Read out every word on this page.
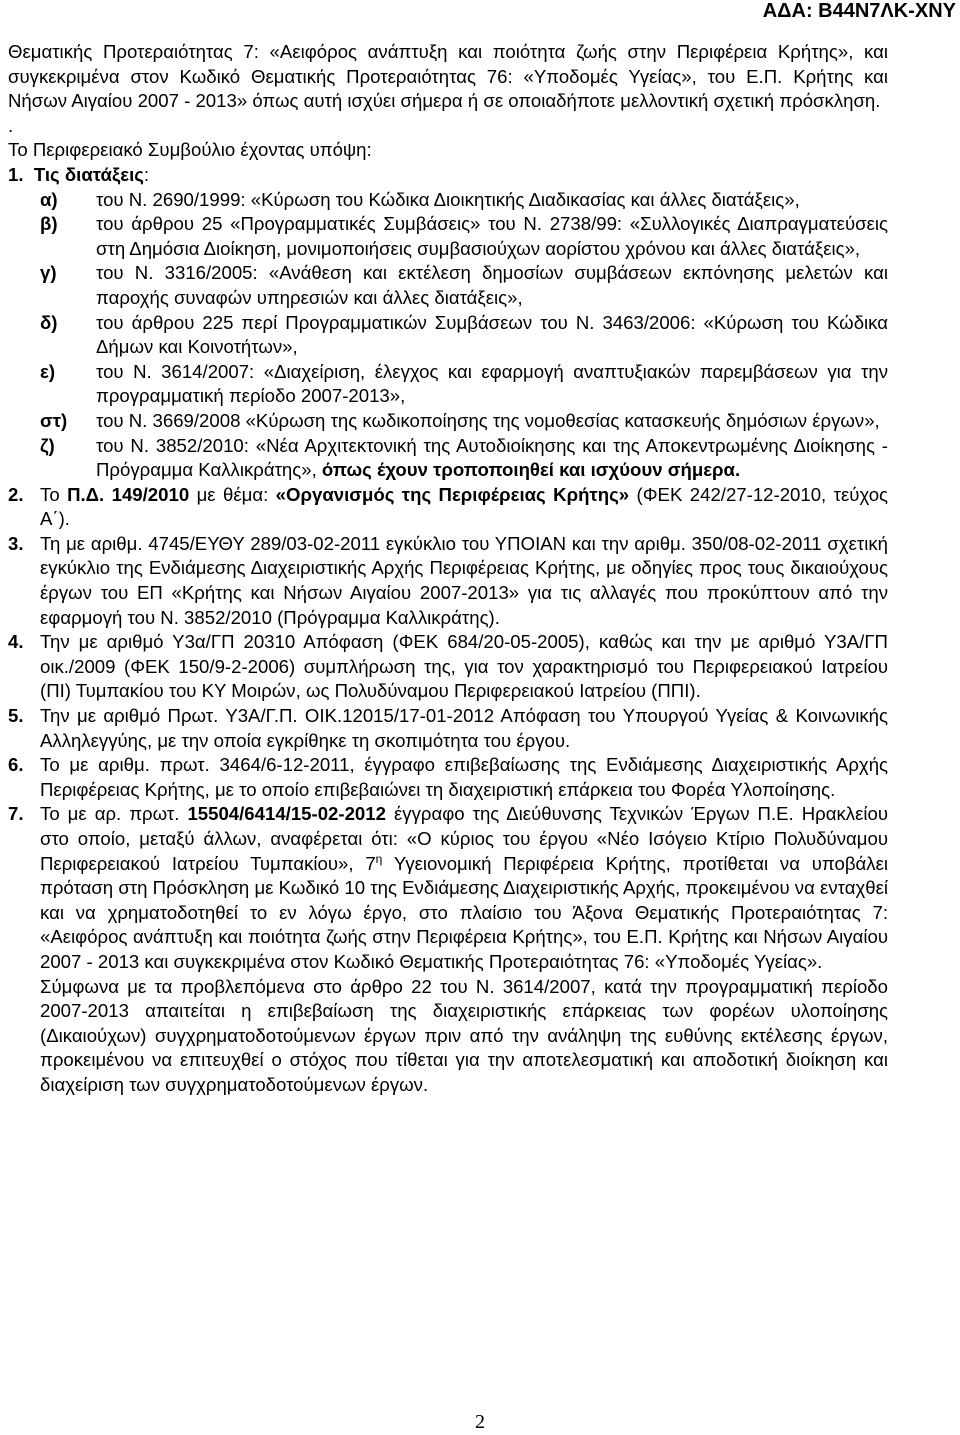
ΑΔΑ: Β44Ν7ΛΚ-ΧΝΥ

Θεματικής Προτεραιότητας 7: «Αειφόρος ανάπτυξη και ποιότητα ζωής στην Περιφέρεια Κρήτης», και συγκεκριμένα στον Κωδικό Θεματικής Προτεραιότητας 76: «Υποδομές Υγείας», του Ε.Π. Κρήτης και Νήσων Αιγαίου 2007 - 2013» όπως αυτή ισχύει σήμερα ή σε οποιαδήποτε μελλοντική σχετική πρόσκληση.

.

Το Περιφερειακό Συμβούλιο έχοντας υπόψη:

1. Τις διατάξεις:

α)	του Ν. 2690/1999: «Κύρωση του Κώδικα Διοικητικής Διαδικασίας και άλλες διατάξεις»,

β)	του άρθρου 25 «Προγραμματικές Συμβάσεις» του Ν. 2738/99: «Συλλογικές Διαπραγματεύσεις στη Δημόσια Διοίκηση, μονιμοποιήσεις συμβασιούχων αορίστου χρόνου και άλλες διατάξεις»,

γ)	του Ν. 3316/2005: «Ανάθεση και εκτέλεση δημοσίων συμβάσεων εκπόνησης μελετών και παροχής συναφών υπηρεσιών και άλλες διατάξεις»,

δ)	του άρθρου 225 περί Προγραμματικών Συμβάσεων του Ν. 3463/2006: «Κύρωση του Κώδικα Δήμων και Κοινοτήτων»,

ε)	του Ν. 3614/2007: «Διαχείριση, έλεγχος και εφαρμογή αναπτυξιακών παρεμβάσεων για την προγραμματική περίοδο 2007-2013»,

στ)	του Ν. 3669/2008 «Κύρωση της κωδικοποίησης της νομοθεσίας κατασκευής δημόσιων έργων»,

ζ)	του Ν. 3852/2010: «Νέα Αρχιτεκτονική της Αυτοδιοίκησης και της Αποκεντρωμένης Διοίκησης - Πρόγραμμα Καλλικράτης», όπως έχουν τροποποιηθεί και ισχύουν σήμερα.

2. Το Π.Δ. 149/2010 με θέμα: «Οργανισμός της Περιφέρειας Κρήτης» (ΦΕΚ 242/27-12-2010, τεύχος Α΄).

3. Τη με αριθμ. 4745/ΕΥΘΥ 289/03-02-2011 εγκύκλιο του ΥΠΟΙΑΝ και την αριθμ. 350/08-02-2011 σχετική εγκύκλιο της Ενδιάμεσης Διαχειριστικής Αρχής Περιφέρειας Κρήτης, με οδηγίες προς τους δικαιούχους έργων του ΕΠ «Κρήτης και Νήσων Αιγαίου 2007-2013» για τις αλλαγές που προκύπτουν από την εφαρμογή του Ν. 3852/2010 (Πρόγραμμα Καλλικράτης).

4. Την με αριθμό Υ3α/ΓΠ 20310 Απόφαση (ΦΕΚ 684/20-05-2005), καθώς και την με αριθμό Υ3Α/ΓΠ οικ./2009 (ΦΕΚ 150/9-2-2006) συμπλήρωση της, για τον χαρακτηρισμό του Περιφερειακού Ιατρείου (ΠΙ) Τυμπακίου του ΚΥ Μοιρών, ως Πολυδύναμου Περιφερειακού Ιατρείου (ΠΠΙ).

5. Την με αριθμό Πρωτ. Υ3Α/Γ.Π. ΟΙΚ.12015/17-01-2012 Απόφαση του Υπουργού Υγείας & Κοινωνικής Αλληλεγγύης, με την οποία εγκρίθηκε τη σκοπιμότητα του έργου.

6. Το με αριθμ. πρωτ. 3464/6-12-2011, έγγραφο επιβεβαίωσης της Ενδιάμεσης Διαχειριστικής Αρχής Περιφέρειας Κρήτης, με το οποίο επιβεβαιώνει τη διαχειριστική επάρκεια του Φορέα Υλοποίησης.

7. Το με αρ. πρωτ. 15504/6414/15-02-2012 έγγραφο της Διεύθυνσης Τεχνικών Έργων Π.Ε. Ηρακλείου στο οποίο, μεταξύ άλλων, αναφέρεται ότι: «Ο κύριος του έργου «Νέο Ισόγειο Κτίριο Πολυδύναμου Περιφερειακού Ιατρείου Τυμπακίου», $7^\eta$ Υγειονομική Περιφέρεια Κρήτης, προτίθεται να υποβάλει πρόταση στη Πρόσκληση με Κωδικό 10 της Ενδιάμεσης Διαχειριστικής Αρχής, προκειμένου να ενταχθεί και να χρηματοδοτηθεί το εν λόγω έργο, στο πλαίσιο του Άξονα Θεματικής Προτεραιότητας 7: «Αειφόρος ανάπτυξη και ποιότητα ζωής στην Περιφέρεια Κρήτης», του Ε.Π. Κρήτης και Νήσων Αιγαίου 2007 - 2013 και συγκεκριμένα στον Κωδικό Θεματικής Προτεραιότητας 76: «Υποδομές Υγείας».

Σύμφωνα με τα προβλεπόμενα στο άρθρο 22 του Ν. 3614/2007, κατά την προγραμματική περίοδο 2007-2013 απαιτείται η επιβεβαίωση της διαχειριστικής επάρκειας των φορέων υλοποίησης (Δικαιούχων) συγχρηματοδοτούμενων έργων πριν από την ανάληψη της ευθύνης εκτέλεσης έργων, προκειμένου να επιτευχθεί ο στόχος που τίθεται για την αποτελεσματική και αποδοτική διοίκηση και διαχείριση των συγχρηματοδοτούμενων έργων.

2
